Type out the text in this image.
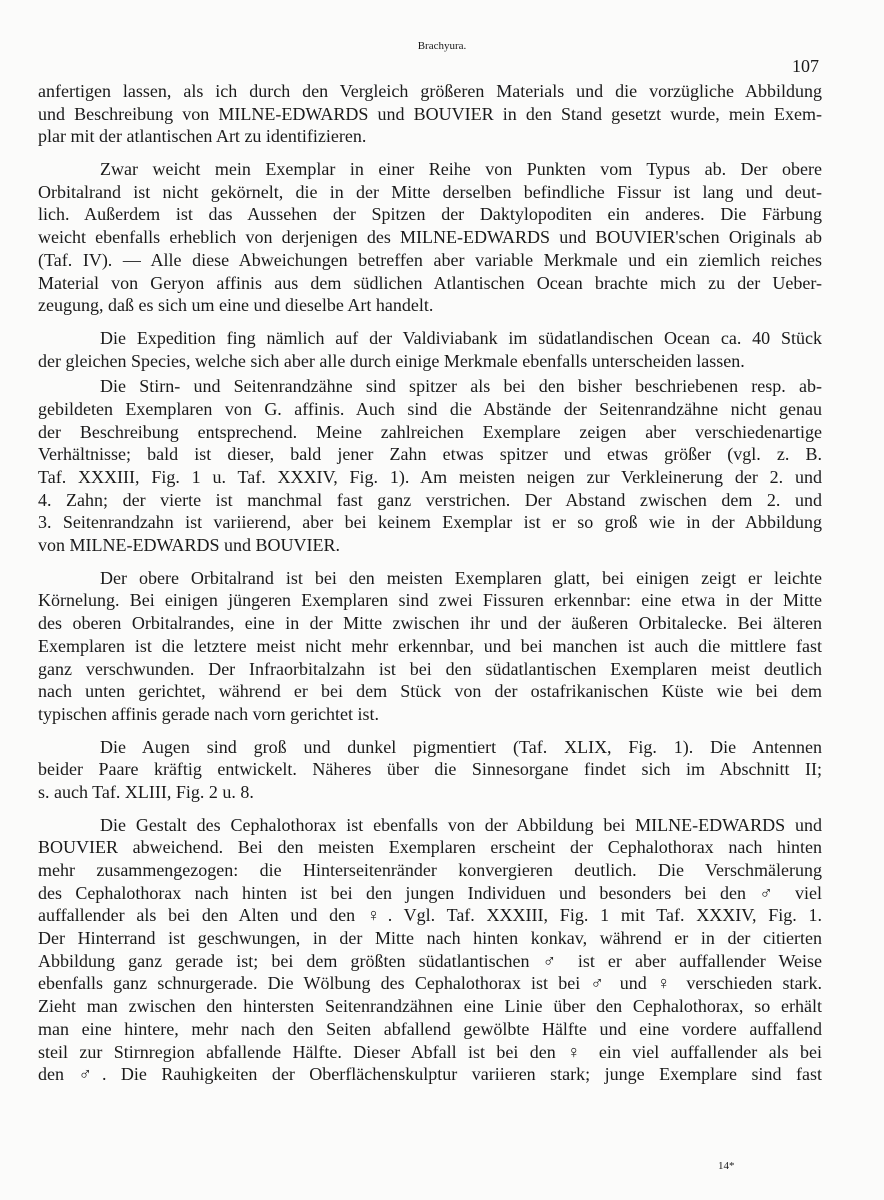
Brachyura.
107
anfertigen lassen, als ich durch den Vergleich größeren Materials und die vorzügliche Abbildung
und Beschreibung von MILNE-EDWARDS und BOUVIER in den Stand gesetzt wurde, mein Exem-
plar mit der atlantischen Art zu identifizieren.
Zwar weicht mein Exemplar in einer Reihe von Punkten vom Typus ab. Der obere
Orbitalrand ist nicht gekörnelt, die in der Mitte derselben befindliche Fissur ist lang und deut-
lich. Außerdem ist das Aussehen der Spitzen der Daktylopoditen ein anderes. Die Färbung
weicht ebenfalls erheblich von derjenigen des MILNE-EDWARDS und BOUVIER'schen Originals ab
(Taf. IV). — Alle diese Abweichungen betreffen aber variable Merkmale und ein ziemlich reiches
Material von Geryon affinis aus dem südlichen Atlantischen Ocean brachte mich zu der Ueber-
zeugung, daß es sich um eine und dieselbe Art handelt.
Die Expedition fing nämlich auf der Valdiviabank im südatlandischen Ocean ca. 40 Stück
der gleichen Species, welche sich aber alle durch einige Merkmale ebenfalls unterscheiden lassen.
Die Stirn- und Seitenrandzähne sind spitzer als bei den bisher beschriebenen resp. ab-
gebildeten Exemplaren von G. affinis. Auch sind die Abstände der Seitenrandzähne nicht genau
der Beschreibung entsprechend. Meine zahlreichen Exemplare zeigen aber verschiedenartige
Verhältnisse; bald ist dieser, bald jener Zahn etwas spitzer und etwas größer (vgl. z. B.
Taf. XXXIII, Fig. 1 u. Taf. XXXIV, Fig. 1). Am meisten neigen zur Verkleinerung der 2. und
4. Zahn; der vierte ist manchmal fast ganz verstrichen. Der Abstand zwischen dem 2. und
3. Seitenrandzahn ist variierend, aber bei keinem Exemplar ist er so groß wie in der Abbildung
von MILNE-EDWARDS und BOUVIER.
Der obere Orbitalrand ist bei den meisten Exemplaren glatt, bei einigen zeigt er leichte
Körnelung. Bei einigen jüngeren Exemplaren sind zwei Fissuren erkennbar: eine etwa in der Mitte
des oberen Orbitalrandes, eine in der Mitte zwischen ihr und der äußeren Orbitalecke. Bei älteren
Exemplaren ist die letztere meist nicht mehr erkennbar, und bei manchen ist auch die mittlere fast
ganz verschwunden. Der Infraorbitalzahn ist bei den südatlantischen Exemplaren meist deutlich
nach unten gerichtet, während er bei dem Stück von der ostafrikanischen Küste wie bei dem
typischen affinis gerade nach vorn gerichtet ist.
Die Augen sind groß und dunkel pigmentiert (Taf. XLIX, Fig. 1). Die Antennen
beider Paare kräftig entwickelt. Näheres über die Sinnesorgane findet sich im Abschnitt II;
s. auch Taf. XLIII, Fig. 2 u. 8.
Die Gestalt des Cephalothorax ist ebenfalls von der Abbildung bei MILNE-EDWARDS und
BOUVIER abweichend. Bei den meisten Exemplaren erscheint der Cephalothorax nach hinten
mehr zusammengezogen: die Hinterseitenränder konvergieren deutlich. Die Verschmälerung
des Cephalothorax nach hinten ist bei den jungen Individuen und besonders bei den ♂ viel
auffallender als bei den Alten und den ♀. Vgl. Taf. XXXIII, Fig. 1 mit Taf. XXXIV, Fig. 1.
Der Hinterrand ist geschwungen, in der Mitte nach hinten konkav, während er in der citierten
Abbildung ganz gerade ist; bei dem größten südatlantischen ♂ ist er aber auffallender Weise
ebenfalls ganz schnurgerade. Die Wölbung des Cephalothorax ist bei ♂ und ♀ verschieden stark.
Zieht man zwischen den hintersten Seitenrandzähnen eine Linie über den Cephalothorax, so erhält
man eine hintere, mehr nach den Seiten abfallend gewölbte Hälfte und eine vordere auffallend
steil zur Stirnregion abfallende Hälfte. Dieser Abfall ist bei den ♀ ein viel auffallender als bei
den ♂. Die Rauhigkeiten der Oberflächenskulptur variieren stark; junge Exemplare sind fast
14*
